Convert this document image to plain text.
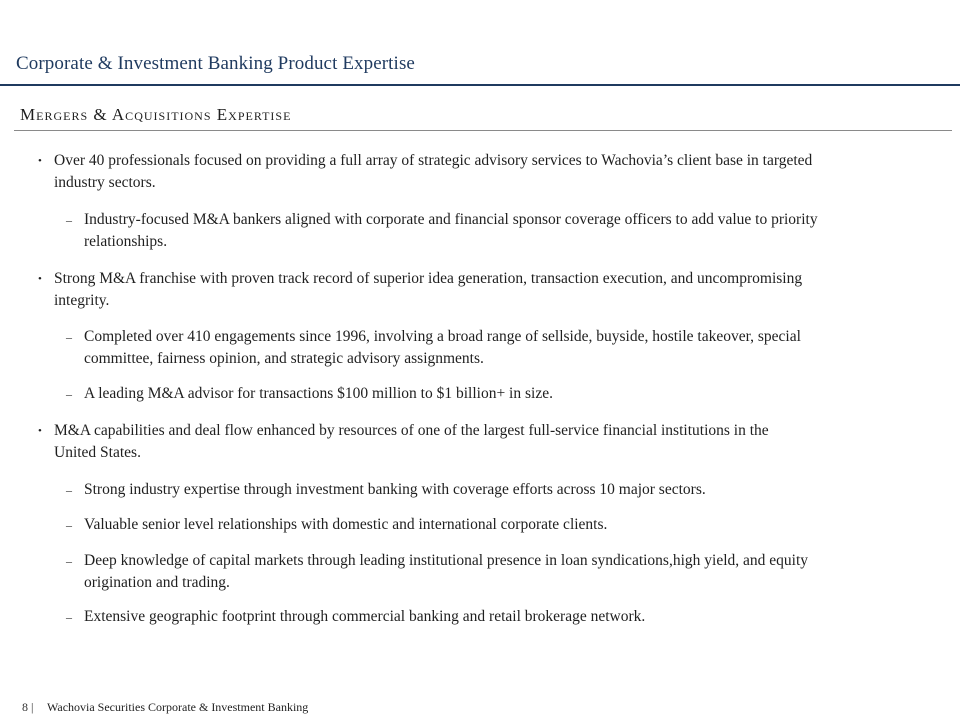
Corporate & Investment Banking Product Expertise
Mergers & Acquisitions Expertise
• Over 40 professionals focused on providing a full array of strategic advisory services to Wachovia’s client base in targeted industry sectors.
– Industry-focused M&A bankers aligned with corporate and financial sponsor coverage officers to add value to priority relationships.
• Strong M&A franchise with proven track record of superior idea generation, transaction execution, and uncompromising integrity.
– Completed over 410 engagements since 1996, involving a broad range of sellside, buyside, hostile takeover, special committee, fairness opinion, and strategic advisory assignments.
– A leading M&A advisor for transactions $100 million to $1 billion+ in size.
• M&A capabilities and deal flow enhanced by resources of one of the largest full-service financial institutions in the United States.
– Strong industry expertise through investment banking with coverage efforts across 10 major sectors.
– Valuable senior level relationships with domestic and international corporate clients.
– Deep knowledge of capital markets through leading institutional presence in loan syndications,high yield, and equity origination and trading.
– Extensive geographic footprint through commercial banking and retail brokerage network.
8 | Wachovia Securities Corporate & Investment Banking
